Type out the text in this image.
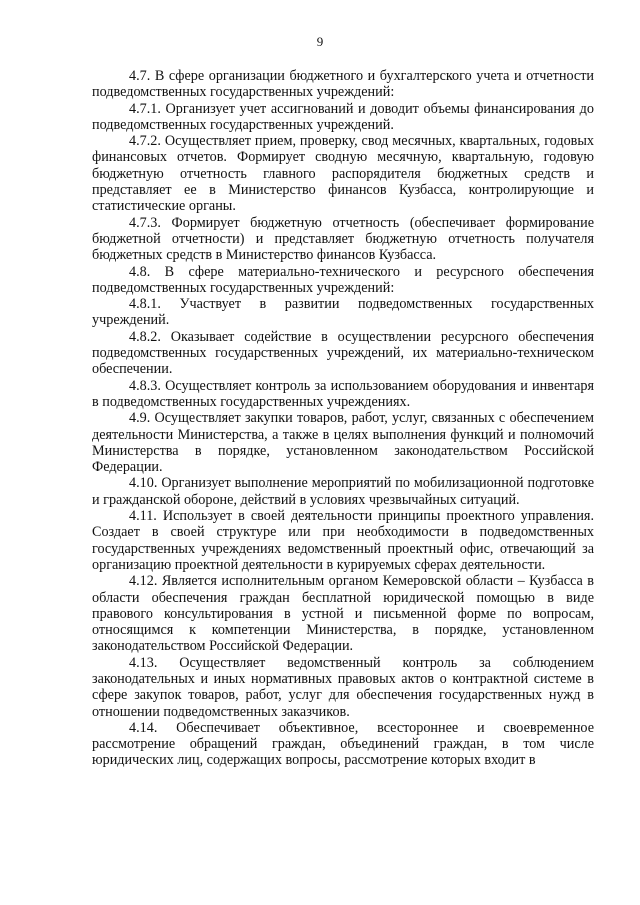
9

4.7. В сфере организации бюджетного и бухгалтерского учета и отчетности подведомственных государственных учреждений:

4.7.1. Организует учет ассигнований и доводит объемы финансирования до подведомственных государственных учреждений.

4.7.2. Осуществляет прием, проверку, свод месячных, квартальных, годовых финансовых отчетов. Формирует сводную месячную, квартальную, годовую бюджетную отчетность главного распорядителя бюджетных средств и представляет ее в Министерство финансов Кузбасса, контролирующие и статистические органы.

4.7.3. Формирует бюджетную отчетность (обеспечивает формирование бюджетной отчетности) и представляет бюджетную отчетность получателя бюджетных средств в Министерство финансов Кузбасса.

4.8. В сфере материально-технического и ресурсного обеспечения подведомственных государственных учреждений:

4.8.1. Участвует в развитии подведомственных государственных учреждений.

4.8.2. Оказывает содействие в осуществлении ресурсного обеспечения подведомственных государственных учреждений, их материально-техническом обеспечении.

4.8.3. Осуществляет контроль за использованием оборудования и инвентаря в подведомственных государственных учреждениях.

4.9. Осуществляет закупки товаров, работ, услуг, связанных с обеспечением деятельности Министерства, а также в целях выполнения функций и полномочий Министерства в порядке, установленном законодательством Российской Федерации.

4.10. Организует выполнение мероприятий по мобилизационной подготовке и гражданской обороне, действий в условиях чрезвычайных ситуаций.

4.11. Использует в своей деятельности принципы проектного управления. Создает в своей структуре или при необходимости в подведомственных государственных учреждениях ведомственный проектный офис, отвечающий за организацию проектной деятельности в курируемых сферах деятельности.

4.12. Является исполнительным органом Кемеровской области – Кузбасса в области обеспечения граждан бесплатной юридической помощью в виде правового консультирования в устной и письменной форме по вопросам, относящимся к компетенции Министерства, в порядке, установленном законодательством Российской Федерации.

4.13. Осуществляет ведомственный контроль за соблюдением законодательных и иных нормативных правовых актов о контрактной системе в сфере закупок товаров, работ, услуг для обеспечения государственных нужд в отношении подведомственных заказчиков.

4.14. Обеспечивает объективное, всестороннее и своевременное рассмотрение обращений граждан, объединений граждан, в том числе юридических лиц, содержащих вопросы, рассмотрение которых входит в
